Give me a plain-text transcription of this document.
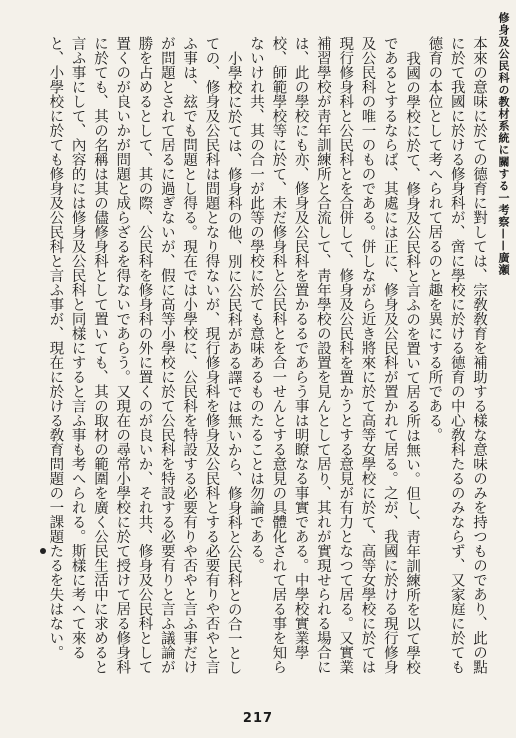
修身及公民科の教材系統に關する一考察——廣瀬

本來の意味に於ての德育に對しては、宗敎敎育を補助する樣な意味のみを持つものであり、此の點に於て我國に於ける修身科が、啻に學校に於ける德育の中心敎科たるのみならず、又家庭に於ても德育の本位として考へられて居るのと趣を異にする所である。

我國の學校に於て、修身及公民科と言ふのを置いて居る所は無い。但し、靑年訓練所を以て學校であるとするならば、其處には正に、修身及公民科が置かれて居る。之が、我國に於ける現行修身及公民科の唯一のものである。併しながら近き將來に於て高等女學校に於て、高等女學校に於ては現行修身科と公民科とを合併して、修身及公民科を置かうとする意見が有力となつて居る。又實業補習學校が靑年訓練所と合流して、靑年學校の設置を見んとして居り、其れが實現せられる場合には、此の學校にも亦、修身及公民科を置かるるであらう事は明瞭なる事實である。中學校實業學校、師範學校等に於て、未だ修身科と公民科とを合一せんとする意見の具體化されて居る事を知らないけれ共、其の合一が此等の學校に於ても意味あるものたることは勿論である。

小學校に於ては、修身科の他、別に公民科がある譯では無いから、修身科と公民科との合一としての、修身及公民科は問題となり得ないが、現行修身科を修身及公民科とする必要有りや否やと言ふ事は、玆でも問題とし得る。現在では小學校に、公民科を特設する必要有りや否やと言ふ事だけが問題とされて居るに過ぎないが、假に高等小學校に於て公民科を特設する必要有りと言ふ議論が勝を占めるとして、其の際、公民科を修身科の外に置くのが良いか、それ共、修身及公民科として置くのが良いかが問題と成らざるを得ないであらう。又現在の尋常小學校に於て授けて居る修身科に於ても、其の名稱は其の儘修身科として置いても、其の取材の範圍を廣く公民生活中に求めると言ふ事にして、內容的には修身及公民科と同樣にすると言ふ事も考へられる。斯樣に考へて來ると、小學校に於ても修身及公民科と言ふ事が、現在に於ける敎育問題の一課題たるを失はない。

217
